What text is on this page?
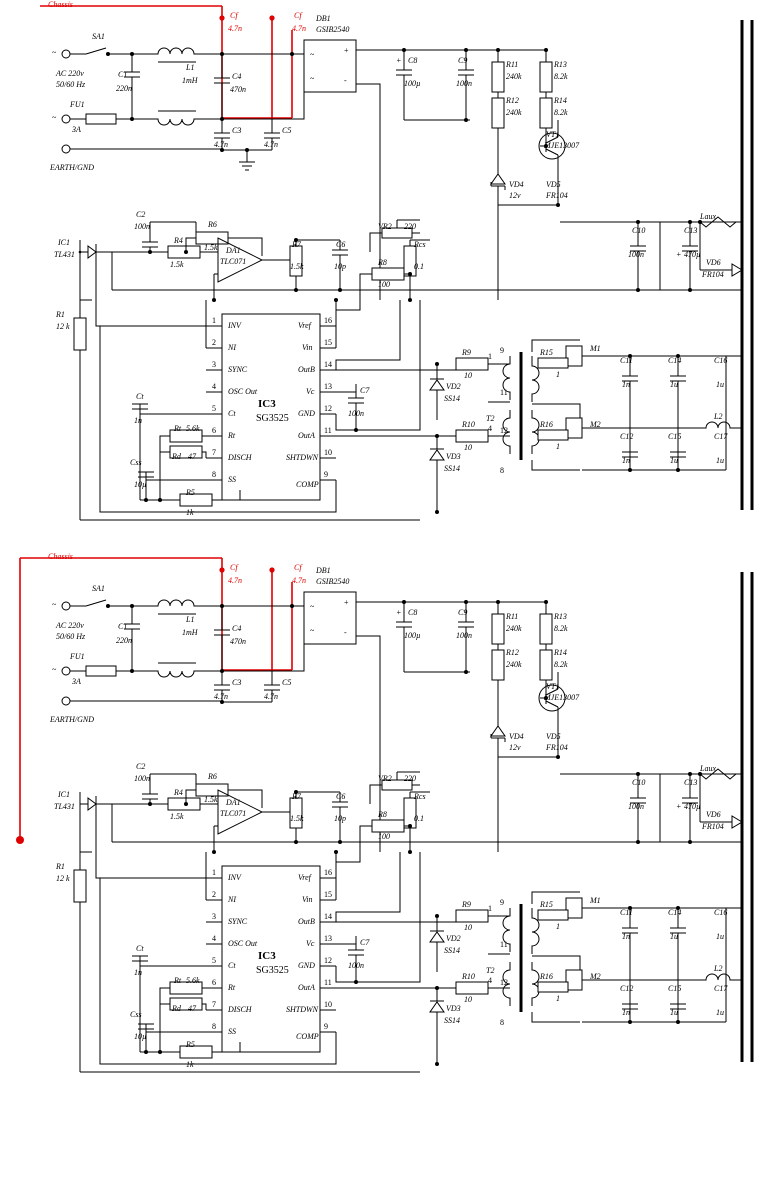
Chassis
SA1
~
~
AC 220v
50/60 Hz
FU1
3A
EARTH/GND
C1
220n
L1
1mH	C4
470n
C3
4.7n
C5
4.7n
Cf
4.7n
Cf
4.7n
DB1
GSIB2540
~
~
+
-
+ C8
100µ
C9
100n
R11
240k
R13
8.2k
R12
240k
R14
8.2k
VT1
MJE13007
VD4
12v
VD5
FR104
Laux
C10
100n
C13
+ 470µ
VD6
FR104
IC1
TL431
R1
12 k
C2
100n
R4
1.5k
R6
1.5k DA1
TLC071
R7
1.5k
C6
10p
VR2 220
Rcs
0.1
R8
100
IC3
SG3525
1
INV
2
NI
3
SYNC
4
OSC Out
5
Ct
6
Rt
7
DISCH
8
SS
16
Vref
15
Vin
14
OutB
13
Vc
12
GND
11
OutA
10
SHTDWN
9
COMP
Ct
1n
Rt 5.6k
Rd 47
Css
10µ
R5
1k
C7
100n
R9
10
R10
10
VD2
SS14
VD3
SS14
9
11
12
8
1
4
T2
R15
1
R16
1
M1
M2
C11
1n
C14
1u
C16
1u
C12
1n
C15
1u
C17
1u
L2
Chassis
SA1
~
~
AC 220v
50/60 Hz
FU1
3A
EARTH/GND
C1
220n
L1
1mH	C4
470n
C3
4.7n
C5
4.7n
Cf
4.7n
Cf
4.7n
DB1
GSIB2540
~
~
+
-
+ C8
100µ
C9
100n
R11
240k
R13
8.2k
R12
240k
R14
8.2k
VT1
MJE13007
VD4
12v
VD5
FR104
Laux
C10
100n
C13
+ 470µ
VD6
FR104
IC1
TL431
R1
12 k
C2
100n
R4
1.5k
R6
1.5k DA1
TLC071
R7
1.5k
C6
10p
VR2 220
Rcs
0.1
R8
100
IC3
SG3525
1
INV
2
NI
3
SYNC
4
OSC Out
5
Ct
6
Rt
7
DISCH
8
SS
16
Vref
15
Vin
14
OutB
13
Vc
12
GND
11
OutA
10
SHTDWN
9
COMP
Ct
1n
Rt 5.6k
Rd 47
Css
10µ
R5
1k
C7
100n
R9
10
R10
10
VD2
SS14
VD3
SS14
9
11
12
8
1
4
T2
R15
1
R16
1
M1
M2
C11
1n
C14
1u
C16
1u
C12
1n
C15
1u
C17
1u
L2
